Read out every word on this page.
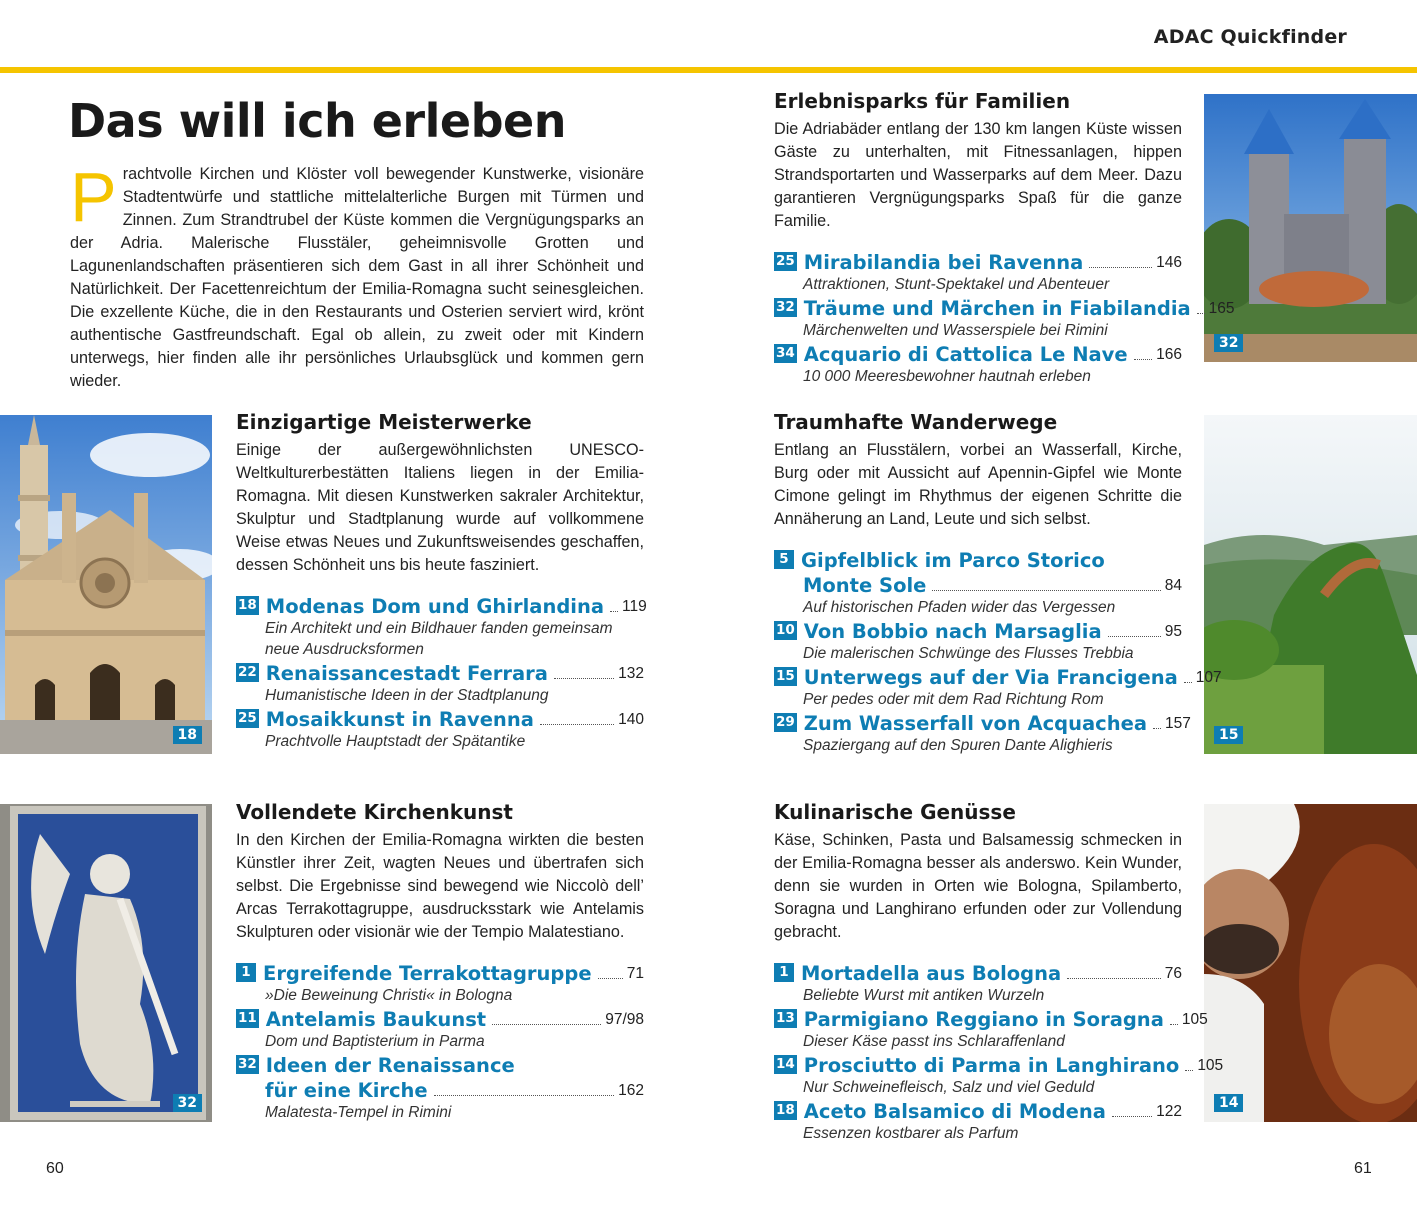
ADAC Quickfinder
Das will ich erleben
Prachtvolle Kirchen und Klöster voll bewegender Kunstwerke, visionäre Stadtentwürfe und stattliche mittelalterliche Burgen mit Türmen und Zinnen. Zum Strandtrubel der Küste kommen die Vergnügungsparks an der Adria. Malerische Flusstäler, geheimnisvolle Grotten und Lagunenlandschaften präsentieren sich dem Gast in all ihrer Schönheit und Natürlichkeit. Der Facettenreichtum der Emilia-Romagna sucht seinesgleichen. Die exzellente Küche, die in den Restaurants und Osterien serviert wird, krönt authentische Gastfreundschaft. Egal ob allein, zu zweit oder mit Kindern unterwegs, hier finden alle ihr persönliches Urlaubsglück und kommen gern wieder.
18
32
32
15
14
Einzigartige Meisterwerke

Einige der außergewöhnlichsten UNESCO-Weltkulturerbestätten Italiens liegen in der Emilia-Romagna. Mit diesen Kunstwerken sakraler Architektur, Skulptur und Stadtplanung wurde auf vollkommene Weise etwas Neues und Zukunftsweisendes geschaffen, dessen Schönheit uns bis heute fasziniert.

18 Modenas Dom und Ghirlandina 119
Ein Architekt und ein Bildhauer fanden gemeinsam
neue Ausdrucksformen
22 Renaissancestadt Ferrara	132
Humanistische Ideen in der Stadtplanung
25 Mosaikkunst in Ravenna	140
Prachtvolle Hauptstadt der Spätantike
Vollendete Kirchenkunst

In den Kirchen der Emilia-Romagna wirkten die besten Künstler ihrer Zeit, wagten Neues und übertrafen sich selbst. Die Ergebnisse sind bewegend wie Niccolò dell’ Arcas Terrakottagruppe, ausdrucksstark wie Antelamis Skulpturen oder visionär wie der Tempio Malatestiano.

1 Ergreifende Terrakottagruppe 71
»Die Beweinung Christi« in Bologna
11 Antelamis Baukunst	97/98
Dom und Baptisterium in Parma
32 Ideen der Renaissance
für eine Kirche	162
Malatesta-Tempel in Rimini
Erlebnisparks für Familien

Die Adriabäder entlang der 130 km langen Küste wissen Gäste zu unterhalten, mit Fitnessanlagen, hippen Strandsportarten und Wasserparks auf dem Meer. Dazu garantieren Vergnügungsparks Spaß für die ganze Familie.

25 Mirabilandia bei Ravenna	146
Attraktionen, Stunt-Spektakel und Abenteuer
32 Träume und Märchen in Fiabilandia 165
Märchenwelten und Wasserspiele bei Rimini
34 Acquario di Cattolica Le Nave 166
10 000 Meeresbewohner hautnah erleben
Traumhafte Wanderwege

Entlang an Flusstälern, vorbei an Wasserfall, Kirche, Burg oder mit Aussicht auf Apennin-Gipfel wie Monte Cimone gelingt im Rhythmus der eigenen Schritte die Annäherung an Land, Leute und sich selbst.

5 Gipfelblick im Parco Storico
Monte Sole	84
Auf historischen Pfaden wider das Vergessen
10 Von Bobbio nach Marsaglia	95
Die malerischen Schwünge des Flusses Trebbia
15 Unterwegs auf der Via Francigena 107
Per pedes oder mit dem Rad Richtung Rom
29 Zum Wasserfall von Acquachea 157
Spaziergang auf den Spuren Dante Alighieris
Kulinarische Genüsse

Käse, Schinken, Pasta und Balsamessig schmecken in der Emilia-Romagna besser als anderswo. Kein Wunder, denn sie wurden in Orten wie Bologna, Spilamberto, Soragna und Langhirano erfunden oder zur Vollendung gebracht.

1 Mortadella aus Bologna	76
Beliebte Wurst mit antiken Wurzeln
13 Parmigiano Reggiano in Soragna 105
Dieser Käse passt ins Schlaraffenland
14 Prosciutto di Parma in Langhirano 105
Nur Schweinefleisch, Salz und viel Geduld
18 Aceto Balsamico di Modena	122
Essenzen kostbarer als Parfum
60	61
